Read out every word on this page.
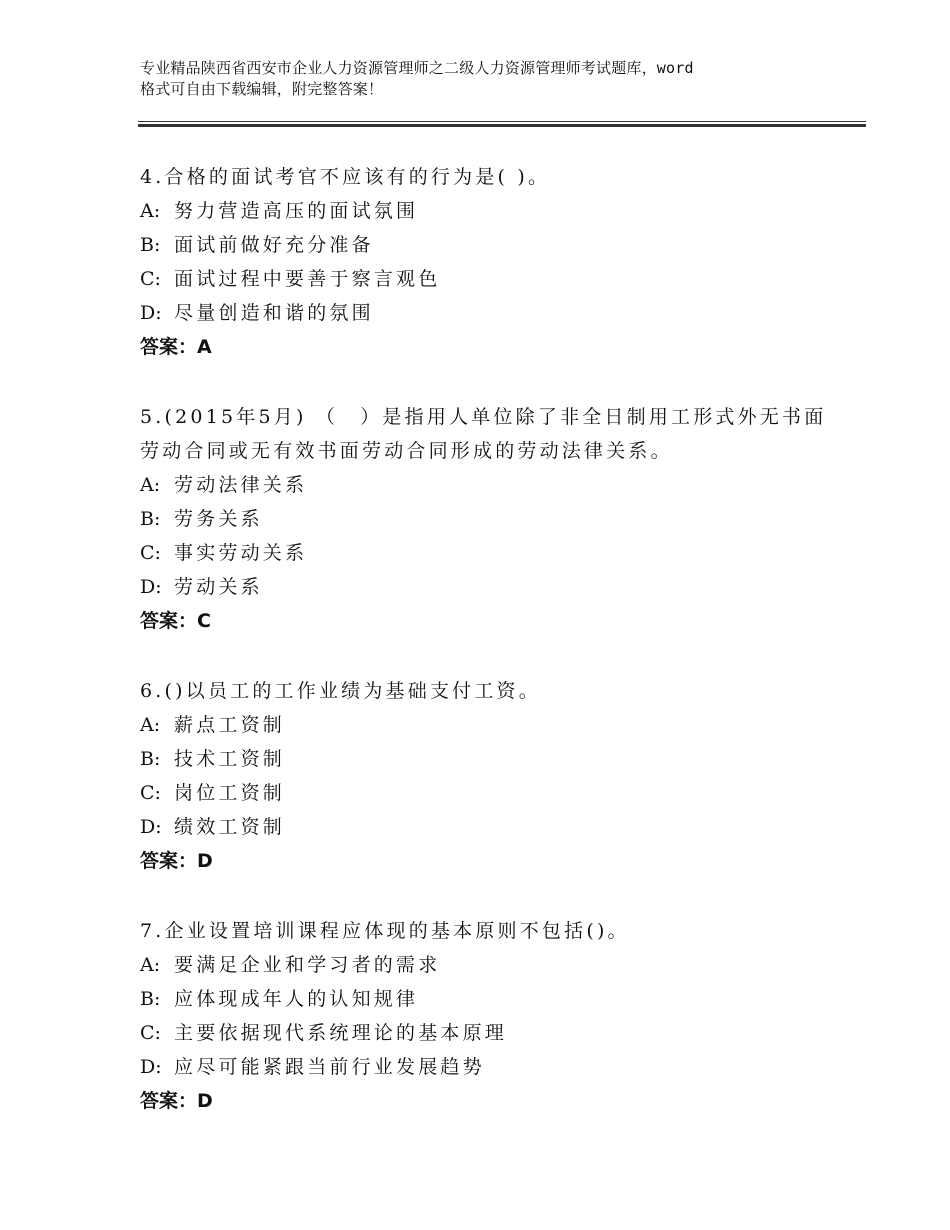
专业精品陕西省西安市企业人力资源管理师之二级人力资源管理师考试题库，word
格式可自由下载编辑，附完整答案！
4.合格的面试考官不应该有的行为是( )。
A: 努力营造高压的面试氛围
B: 面试前做好充分准备
C: 面试过程中要善于察言观色
D: 尽量创造和谐的氛围
答案：A
5.(2015年5月) （　）是指用人单位除了非全日制用工形式外无书面劳动合同或无有效书面劳动合同形成的劳动法律关系。
A: 劳动法律关系
B: 劳务关系
C: 事实劳动关系
D: 劳动关系
答案：C
6.()以员工的工作业绩为基础支付工资。
A: 薪点工资制
B: 技术工资制
C: 岗位工资制
D: 绩效工资制
答案：D
7.企业设置培训课程应体现的基本原则不包括()。
A: 要满足企业和学习者的需求
B: 应体现成年人的认知规律
C: 主要依据现代系统理论的基本原理
D: 应尽可能紧跟当前行业发展趋势
答案：D
